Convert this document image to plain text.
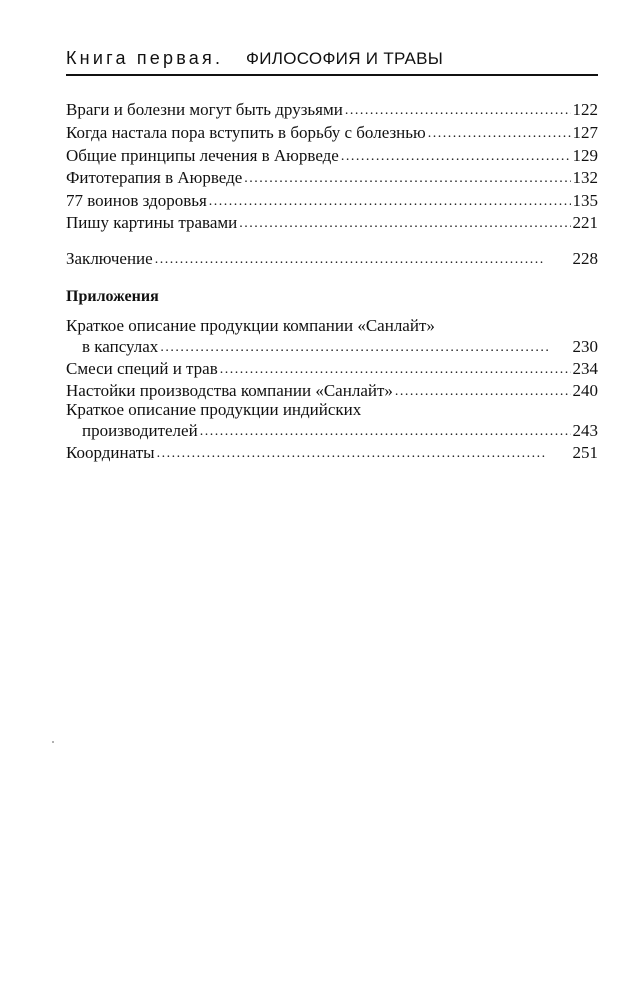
Книга первая. ФИЛОСОФИЯ И ТРАВЫ
Враги и болезни могут быть друзьями . . .	122
Когда настала пора вступить в борьбу с болезнью . . .	127
Общие принципы лечения в Аюрведе . . .	129
Фитотерапия в Аюрведе . . .	132
77 воинов здоровья . . .	135
Пишу картины травами . . .	221
Заключение . . .	228
Приложения
Краткое описание продукции компании «Санлайт»
в капсулах . . .	230
Смеси специй и трав . . .	234
Настойки производства компании «Санлайт» . . .	240
Краткое описание продукции индийских
производителей . . .	243
Координаты . . .	251
